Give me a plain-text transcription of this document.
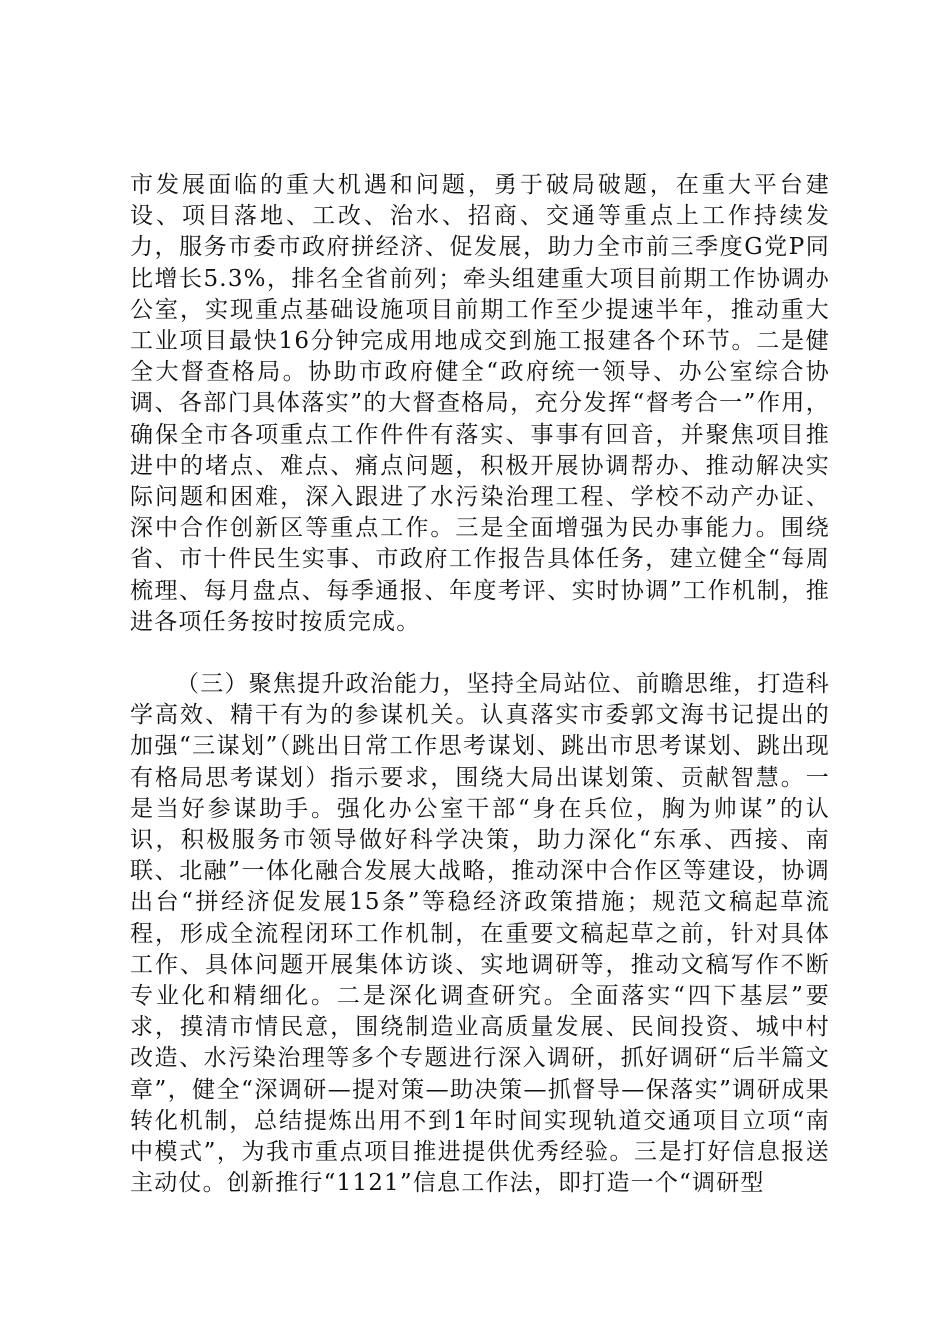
市发展面临的重大机遇和问题，勇于破局破题，在重大平台建设、项目落地、工改、治水、招商、交通等重点上工作持续发力，服务市委市政府拼经济、促发展，助力全市前三季度G党P同比增长5.3%，排名全省前列；牵头组建重大项目前期工作协调办公室，实现重点基础设施项目前期工作至少提速半年，推动重大工业项目最快16分钟完成用地成交到施工报建各个环节。二是健全大督查格局。协助市政府健全“政府统一领导、办公室综合协调、各部门具体落实”的大督查格局，充分发挥“督考合一”作用，确保全市各项重点工作件件有落实、事事有回音，并聚焦项目推进中的堵点、难点、痛点问题，积极开展协调帮办、推动解决实际问题和困难，深入跟进了水污染治理工程、学校不动产办证、深中合作创新区等重点工作。三是全面增强为民办事能力。围绕省、市十件民生实事、市政府工作报告具体任务，建立健全“每周梳理、每月盘点、每季通报、年度考评、实时协调”工作机制，推进各项任务按时按质完成。

（三）聚焦提升政治能力，坚持全局站位、前瞻思维，打造科学高效、精干有为的参谋机关。认真落实市委郭文海书记提出的加强“三谋划”（跳出日常工作思考谋划、跳出市思考谋划、跳出现有格局思考谋划）指示要求，围绕大局出谋划策、贡献智慧。一是当好参谋助手。强化办公室干部“身在兵位，胸为帅谋”的认识，积极服务市领导做好科学决策，助力深化“东承、西接、南联、北融”一体化融合发展大战略，推动深中合作区等建设，协调出台“拼经济促发展15条”等稳经济政策措施；规范文稿起草流程，形成全流程闭环工作机制，在重要文稿起草之前，针对具体工作、具体问题开展集体访谈、实地调研等，推动文稿写作不断专业化和精细化。二是深化调查研究。全面落实“四下基层”要求，摸清市情民意，围绕制造业高质量发展、民间投资、城中村改造、水污染治理等多个专题进行深入调研，抓好调研“后半篇文章”，健全“深调研—提对策—助决策—抓督导—保落实”调研成果转化机制，总结提炼出用不到1年时间实现轨道交通项目立项“南中模式”，为我市重点项目推进提供优秀经验。三是打好信息报送主动仗。创新推行“1121”信息工作法，即打造一个“调研型
